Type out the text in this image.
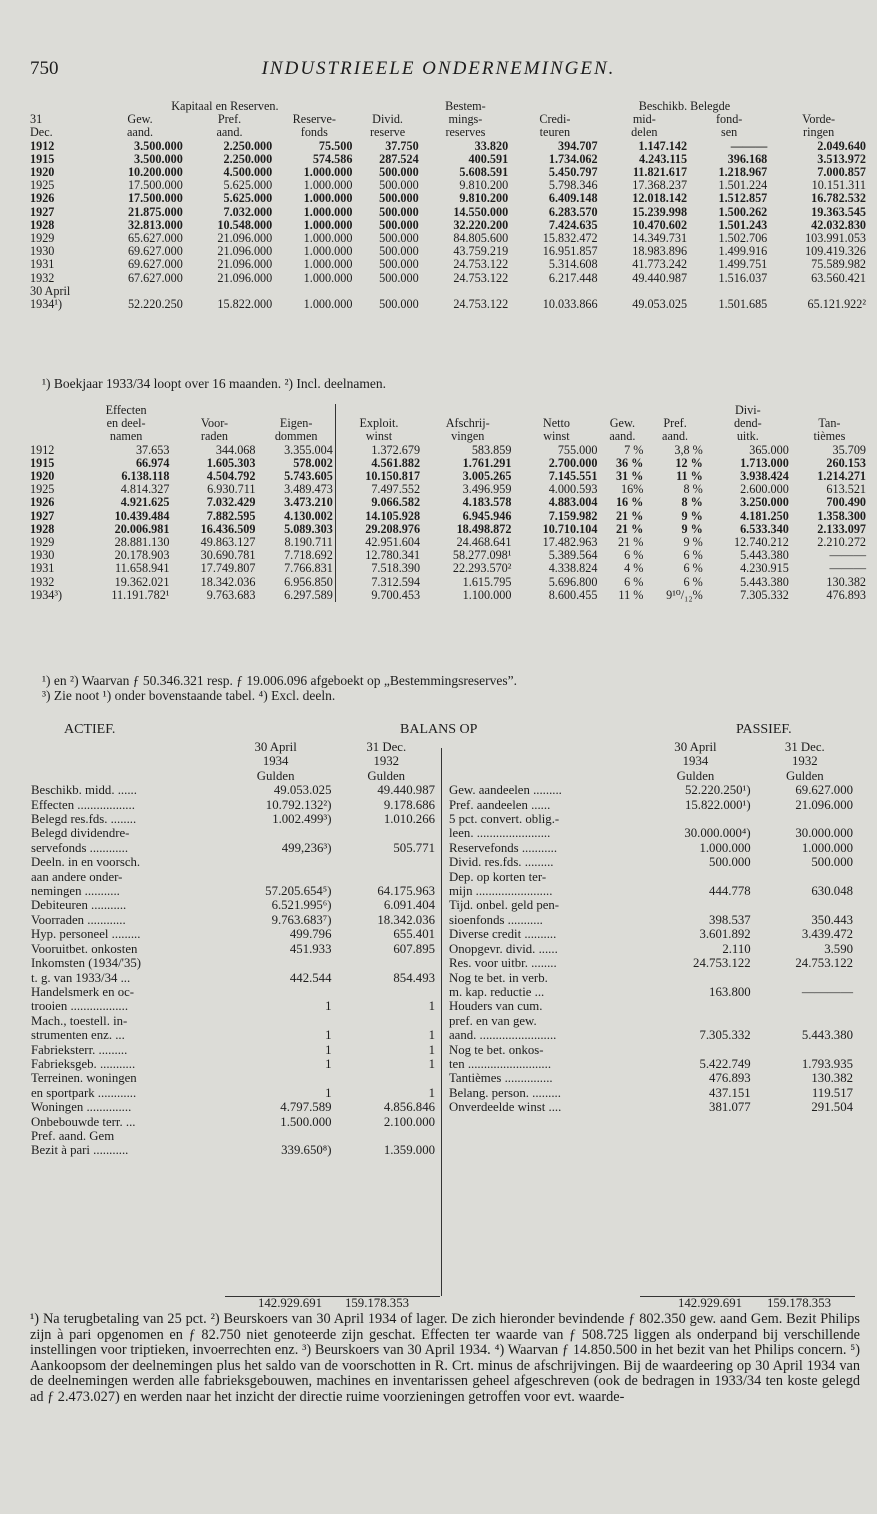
750	INDUSTRIEELE ONDERNEMINGEN.
	Kapitaal en Reserven.				Bestem-		Beschikb. Belegde		
31	Gew.	Pref.	Reserve-	Divid.	mings-	Credi-	mid-	fond-	Vorde-
Dec.	aand.	aand.	fonds	reserve	reserves	teuren	delen	sen	ringen
1912	3.500.000	2.250.000	75.500	37.750	33.820	394.707	1.147.142	———	2.049.640
1915	3.500.000	2.250.000	574.586	287.524	400.591	1.734.062	4.243.115	396.168	3.513.972
1920	10.200.000	4.500.000	1.000.000	500.000	5.608.591	5.450.797	11.821.617	1.218.967	7.000.857
1925	17.500.000	5.625.000	1.000.000	500.000	9.810.200	5.798.346	17.368.237	1.501.224	10.151.311
1926	17.500.000	5.625.000	1.000.000	500.000	9.810.200	6.409.148	12.018.142	1.512.857	16.782.532
1927	21.875.000	7.032.000	1.000.000	500.000	14.550.000	6.283.570	15.239.998	1.500.262	19.363.545
1928	32.813.000	10.548.000	1.000.000	500.000	32.220.200	7.424.635	10.470.602	1.501.243	42.032.830
1929	65.627.000	21.096.000	1.000.000	500.000	84.805.600	15.832.472	14.349.731	1.502.706	103.991.053
1930	69.627.000	21.096.000	1.000.000	500.000	43.759.219	16.951.857	18.983.896	1.499.916	109.419.326
1931	69.627.000	21.096.000	1.000.000	500.000	24.753.122	5.314.608	41.773.242	1.499.751	75.589.982
1932	67.627.000	21.096.000	1.000.000	500.000	24.753.122	6.217.448	49.440.987	1.516.037	63.560.421
30 April									
1934¹)	52.220.250	15.822.000	1.000.000	500.000	24.753.122	10.033.866	49.053.025	1.501.685	65.121.922²
¹) Boekjaar 1933/34 loopt over 16 maanden. ²) Incl. deelnamen.
	Effecten								Divi-	
	en deel-	Voor-	Eigen-	Exploit.	Afschrij-	Netto	Gew.	Pref.	dend-	Tan-
	namen	raden	dommen	winst	vingen	winst	aand.	aand.	uitk.	tièmes
1912	37.653	344.068	3.355.004	1.372.679	583.859	755.000	7 %	3,8 %	365.000	35.709
1915	66.974	1.605.303	578.002	4.561.882	1.761.291	2.700.000	36 %	12 %	1.713.000	260.153
1920	6.138.118	4.504.792	5.743.605	10.150.817	3.005.265	7.145.551	31 %	11 %	3.938.424	1.214.271
1925	4.814.327	6.930.711	3.489.473	7.497.552	3.496.959	4.000.593	16%	8 %	2.600.000	613.521
1926	4.921.625	7.032.429	3.473.210	9.066.582	4.183.578	4.883.004	16 %	8 %	3.250.000	700.490
1927	10.439.484	7.882.595	4.130.002	14.105.928	6.945.946	7.159.982	21 %	9 %	4.181.250	1.358.300
1928	20.006.981	16.436.509	5.089.303	29.208.976	18.498.872	10.710.104	21 %	9 %	6.533.340	2.133.097
1929	28.881.130	49.863.127	8.190.711	42.951.604	24.468.641	17.482.963	21 %	9 %	12.740.212	2.210.272
1930	20.178.903	30.690.781	7.718.692	12.780.341	58.277.098¹	5.389.564	6 %	6 %	5.443.380	———
1931	11.658.941	17.749.807	7.766.831	7.518.390	22.293.570²	4.338.824	4 %	6 %	4.230.915	———
1932	19.362.021	18.342.036	6.956.850	7.312.594	1.615.795	5.696.800	6 %	6 %	5.443.380	130.382
1934³)	11.191.782¹	9.763.683	6.297.589	9.700.453	1.100.000	8.600.455	11 %	9¹⁰/₁₂%	7.305.332	476.893
¹) en ²) Waarvan ƒ 50.346.321 resp. ƒ 19.006.096 afgeboekt op „Bestemmingsreserves”.
³) Zie noot ¹) onder bovenstaande tabel. ⁴) Excl. deeln.
ACTIEF.	BALANS OP	PASSIEF.
	30 April	31 Dec.
	1934	1932
	Gulden	Gulden
Beschikb. midd. ......	49.053.025	49.440.987
Effecten ..................	10.792.132²)	9.178.686
Belegd res.fds. ........	1.002.499³)	1.010.266
Belegd dividendre-		
servefonds ............	499,236³)	505.771
Deeln. in en voorsch.		
aan andere onder-		
nemingen ...........	57.205.654⁵)	64.175.963
Debiteuren ...........	6.521.995⁶)	6.091.404
Voorraden ............	9.763.683⁷)	18.342.036
Hyp. personeel .........	499.796	655.401
Vooruitbet. onkosten	451.933	607.895
Inkomsten (1934/'35)		
t. g. van 1933/34 ...	442.544	854.493
Handelsmerk en oc-		
trooien ..................	1	1
Mach., toestell. in-		
strumenten enz. ...	1	1
Fabrieksterr. .........	1	1
Fabrieksgeb. ...........	1	1
Terreinen. woningen		
en sportpark ............	1	1
Woningen ..............	4.797.589	4.856.846
Onbebouwde terr. ...	1.500.000	2.100.000
Pref. aand. Gem		
Bezit à pari ...........	339.650⁸)	1.359.000
	30 April	31 Dec.
	1934	1932
	Gulden	Gulden
Gew. aandeelen .........	52.220.250¹)	69.627.000
Pref. aandeelen ......	15.822.000¹)	21.096.000
5 pct. convert. oblig.-		
leen. .......................	30.000.000⁴)	30.000.000
Reservefonds ...........	1.000.000	1.000.000
Divid. res.fds. .........	500.000	500.000
Dep. op korten ter-		
mijn ........................	444.778	630.048
Tijd. onbel. geld pen-		
sioenfonds ...........	398.537	350.443
Diverse credit ..........	3.601.892	3.439.472
Onopgevr. divid. ......	2.110	3.590
Res. voor uitbr. ........	24.753.122	24.753.122
Nog te bet. in verb.		
m. kap. reductie ...	163.800	————
Houders van cum.		
pref. en van gew.		
aand. ........................	7.305.332	5.443.380
Nog te bet. onkos-		
ten ..........................	5.422.749	1.793.935
Tantièmes ...............	476.893	130.382
Belang. person. .........	437.151	119.517
Onverdeelde winst ....	381.077	291.504
142.929.691 159.178.353	142.929.691 159.178.353
¹) Na terugbetaling van 25 pct. ²) Beurskoers van 30 April 1934 of lager. De zich hieronder bevindende ƒ 802.350 gew. aand Gem. Bezit Philips zijn à pari opgenomen en ƒ 82.750 niet genoteerde zijn geschat. Effecten ter waarde van ƒ 508.725 liggen als onderpand bij verschillende instellingen voor triptieken, invoerrechten enz. ³) Beurskoers van 30 April 1934. ⁴) Waarvan ƒ 14.850.500 in het bezit van het Philips concern. ⁵) Aankoopsom der deelnemingen plus het saldo van de voorschotten in R. Crt. minus de afschrijvingen. Bij de waardeering op 30 April 1934 van de deelnemingen werden alle fabrieksgebouwen, machines en inventarissen geheel afgeschreven (ook de bedragen in 1933/34 ten koste gelegd ad ƒ 2.473.027) en werden naar het inzicht der directie ruime voorzieningen getroffen voor evt. waarde-
